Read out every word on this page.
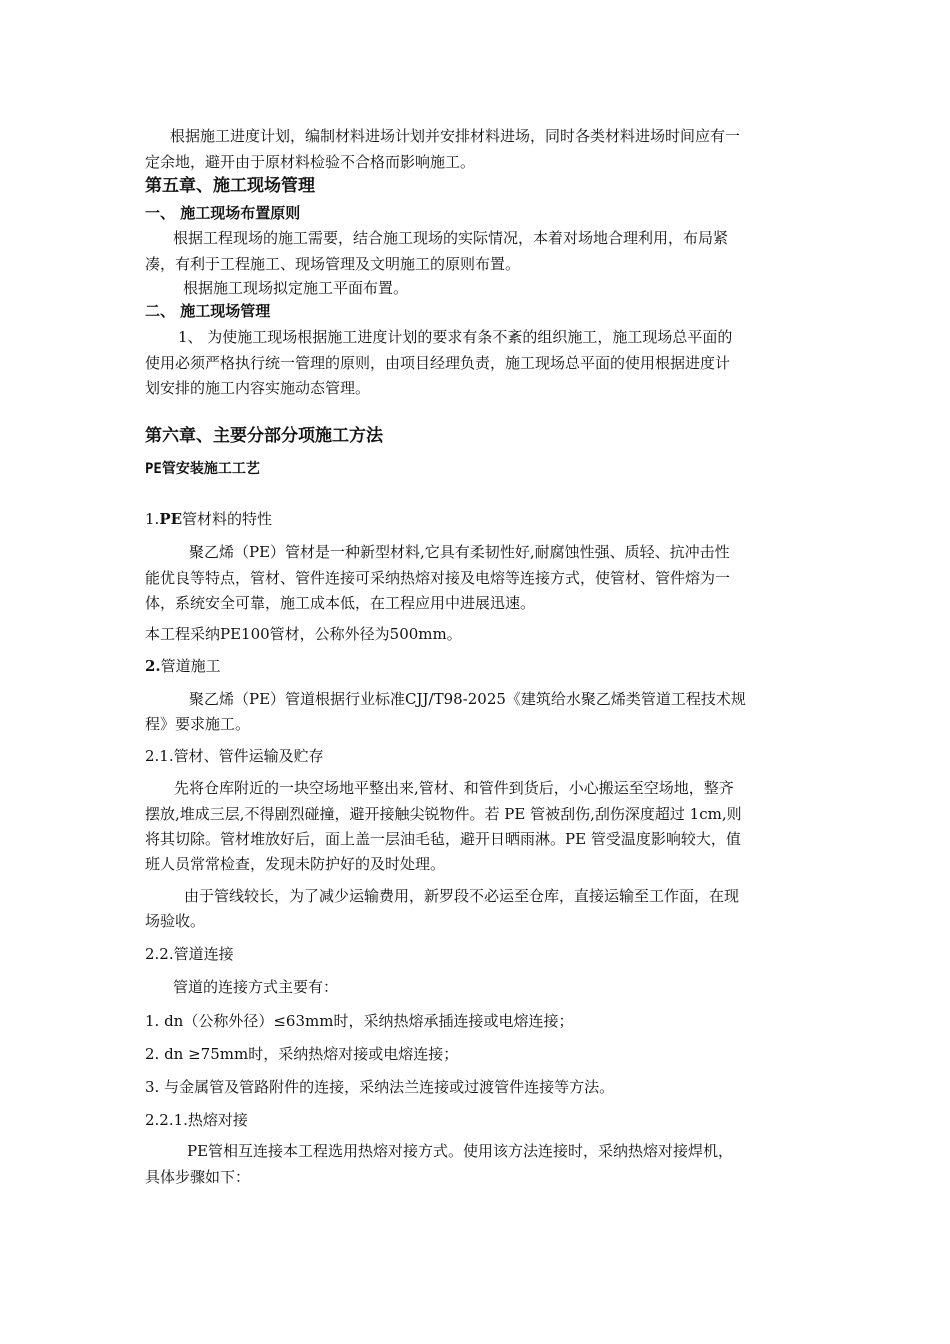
根据施工进度计划，编制材料进场计划并安排材料进场，同时各类材料进场时间应有一
定余地，避开由于原材料检验不合格而影响施工。
第五章、施工现场管理
一、 施工现场布置原则
根据工程现场的施工需要，结合施工现场的实际情况，本着对场地合理利用，布局紧
凑，有利于工程施工、现场管理及文明施工的原则布置。
根据施工现场拟定施工平面布置。
二、 施工现场管理
1、 为使施工现场根据施工进度计划的要求有条不紊的组织施工，施工现场总平面的
使用必须严格执行统一管理的原则，由项目经理负责，施工现场总平面的使用根据进度计
划安排的施工内容实施动态管理。
第六章、主要分部分项施工方法
PE管安装施工工艺
1.PE管材料的特性
聚乙烯（PE）管材是一种新型材料,它具有柔韧性好,耐腐蚀性强、质轻、抗冲击性
能优良等特点，管材、管件连接可采纳热熔对接及电熔等连接方式，使管材、管件熔为一
体，系统安全可靠，施工成本低，在工程应用中进展迅速。
本工程采纳PE100管材，公称外径为500mm。
2.管道施工
聚乙烯（PE）管道根据行业标准CJJ/T98-2025《建筑给水聚乙烯类管道工程技术规
程》要求施工。
2.1.管材、管件运输及贮存
先将仓库附近的一块空场地平整出来,管材、和管件到货后，小心搬运至空场地，整齐
摆放,堆成三层,不得剧烈碰撞，避开接触尖锐物件。若 PE 管被刮伤,刮伤深度超过 1cm,则
将其切除。管材堆放好后，面上盖一层油毛毡，避开日晒雨淋。PE 管受温度影响较大，值
班人员常常检查，发现未防护好的及时处理。
由于管线较长，为了减少运输费用，新罗段不必运至仓库，直接运输至工作面，在现
场验收。
2.2.管道连接
管道的连接方式主要有：
1. dn（公称外径）≤63mm时，采纳热熔承插连接或电熔连接；
2. dn ≥75mm时，采纳热熔对接或电熔连接；
3. 与金属管及管路附件的连接，采纳法兰连接或过渡管件连接等方法。
2.2.1.热熔对接
PE管相互连接本工程选用热熔对接方式。使用该方法连接时，采纳热熔对接焊机，
具体步骤如下：
